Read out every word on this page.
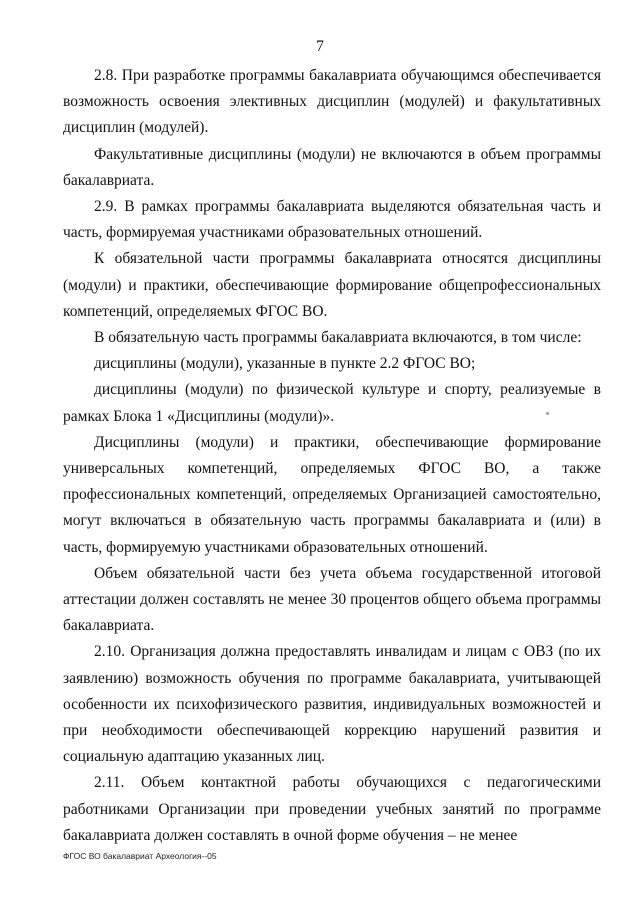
7

2.8. При разработке программы бакалавриата обучающимся обеспечивается возможность освоения элективных дисциплин (модулей) и факультативных дисциплин (модулей).

Факультативные дисциплины (модули) не включаются в объем программы бакалавриата.

2.9. В рамках программы бакалавриата выделяются обязательная часть и часть, формируемая участниками образовательных отношений.

К обязательной части программы бакалавриата относятся дисциплины (модули) и практики, обеспечивающие формирование общепрофессиональных компетенций, определяемых ФГОС ВО.

В обязательную часть программы бакалавриата включаются, в том числе:

дисциплины (модули), указанные в пункте 2.2 ФГОС ВО;

дисциплины (модули) по физической культуре и спорту, реализуемые в рамках Блока 1 «Дисциплины (модули)».

Дисциплины (модули) и практики, обеспечивающие формирование универсальных компетенций, определяемых ФГОС ВО, а также профессиональных компетенций, определяемых Организацией самостоятельно, могут включаться в обязательную часть программы бакалавриата и (или) в часть, формируемую участниками образовательных отношений.

Объем обязательной части без учета объема государственной итоговой аттестации должен составлять не менее 30 процентов общего объема программы бакалавриата.

2.10. Организация должна предоставлять инвалидам и лицам с ОВЗ (по их заявлению) возможность обучения по программе бакалавриата, учитывающей особенности их психофизического развития, индивидуальных возможностей и при необходимости обеспечивающей коррекцию нарушений развития и социальную адаптацию указанных лиц.

2.11. Объем контактной работы обучающихся с педагогическими работниками Организации при проведении учебных занятий по программе бакалавриата должен составлять в очной форме обучения – не менее

ФГОС ВО бакалавриат Археология--05
